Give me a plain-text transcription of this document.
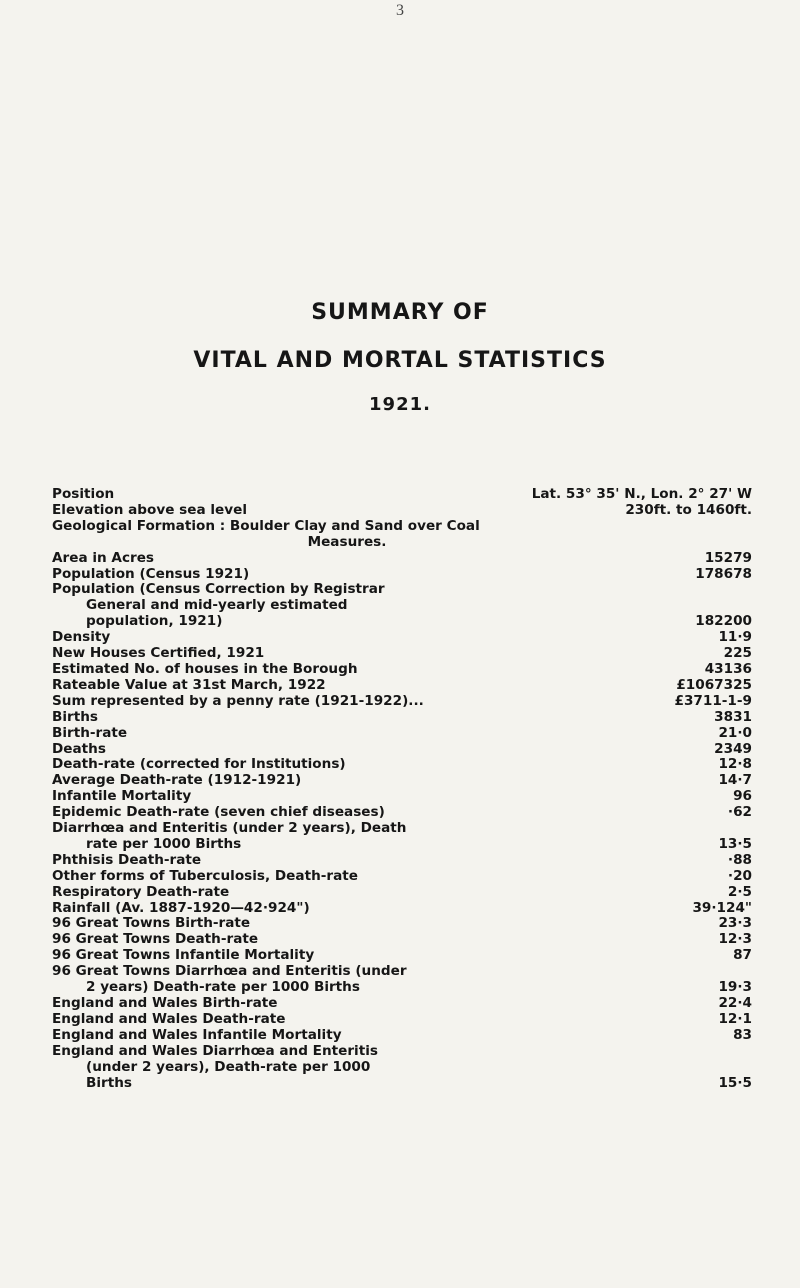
3
SUMMARY OF
VITAL AND MORTAL STATISTICS
1921.
Position	Lat. 53° 35' N., Lon. 2° 27' W
Elevation above sea level	230ft. to 1460ft.
Geological Formation : Boulder Clay and Sand over Coal
Measures.
Area in Acres	15279
Population (Census 1921)	178678
Population (Census Correction by Registrar
General and mid-yearly estimated
population, 1921)	182200
Density	11·9
New Houses Certified, 1921	225
Estimated No. of houses in the Borough	43136
Rateable Value at 31st March, 1922	£1067325
Sum represented by a penny rate (1921-1922)...	£3711-1-9
Births	3831
Birth-rate	21·0
Deaths	2349
Death-rate (corrected for Institutions)	12·8
Average Death-rate (1912-1921)	14·7
Infantile Mortality	96
Epidemic Death-rate (seven chief diseases)	·62
Diarrhœa and Enteritis (under 2 years), Death
rate per 1000 Births	13·5
Phthisis Death-rate	·88
Other forms of Tuberculosis, Death-rate	·20
Respiratory Death-rate	2·5
Rainfall (Av. 1887-1920—42·924")	39·124"
96 Great Towns Birth-rate	23·3
96 Great Towns Death-rate	12·3
96 Great Towns Infantile Mortality	87
96 Great Towns Diarrhœa and Enteritis (under
2 years) Death-rate per 1000 Births	19·3
England and Wales Birth-rate	22·4
England and Wales Death-rate	12·1
England and Wales Infantile Mortality	83
England and Wales Diarrhœa and Enteritis
(under 2 years), Death-rate per 1000
Births	15·5
